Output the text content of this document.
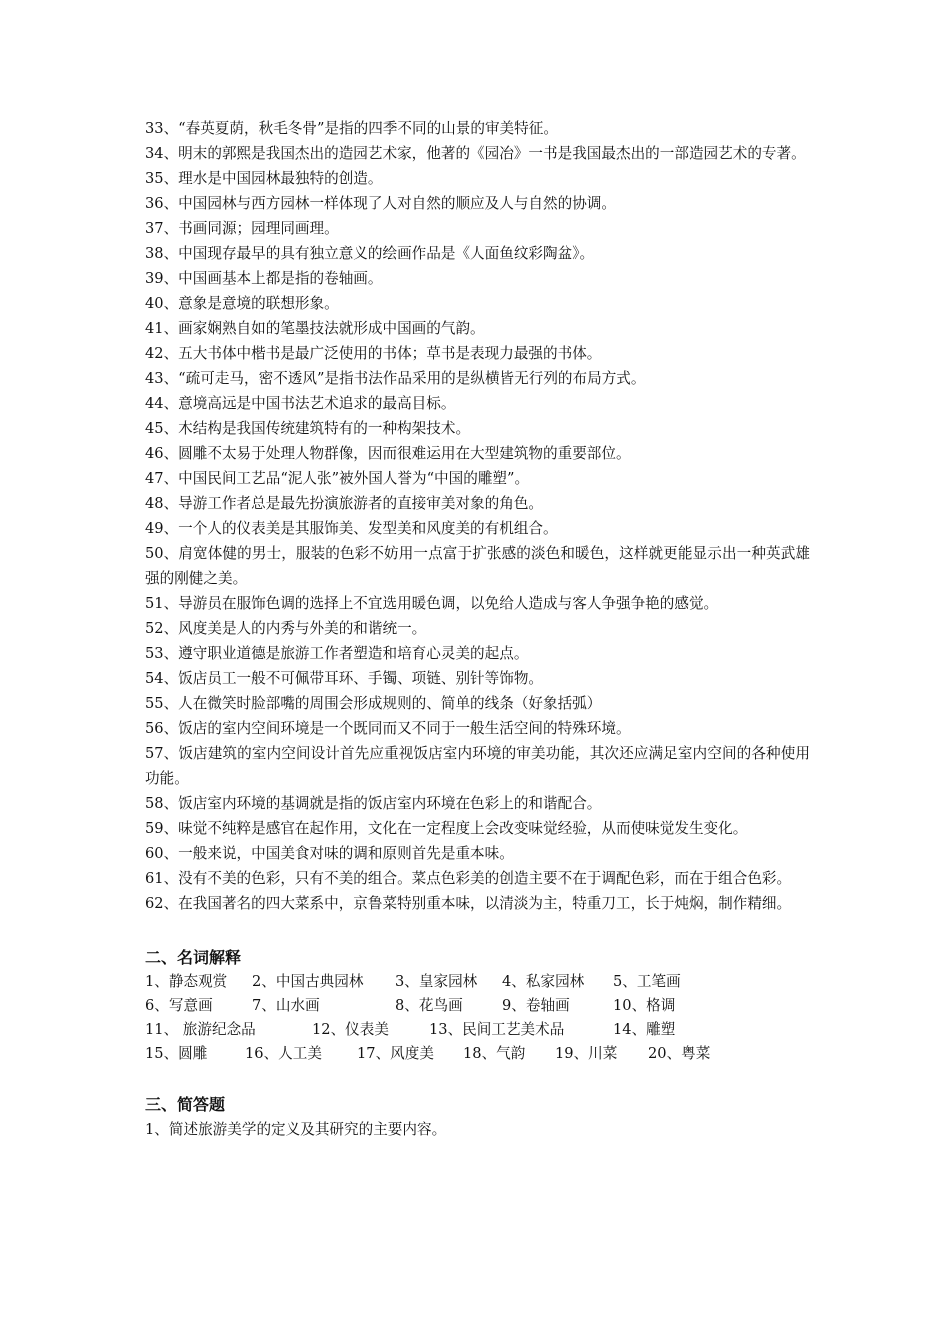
33、“春英夏荫，秋毛冬骨”是指的四季不同的山景的审美特征。

34、明末的郭熙是我国杰出的造园艺术家，他著的《园冶》一书是我国最杰出的一部造园艺术的专著。

35、理水是中国园林最独特的创造。

36、中国园林与西方园林一样体现了人对自然的顺应及人与自然的协调。

37、书画同源；园理同画理。

38、中国现存最早的具有独立意义的绘画作品是《人面鱼纹彩陶盆》。

39、中国画基本上都是指的卷轴画。

40、意象是意境的联想形象。

41、画家娴熟自如的笔墨技法就形成中国画的气韵。

42、五大书体中楷书是最广泛使用的书体；草书是表现力最强的书体。

43、“疏可走马，密不透风”是指书法作品采用的是纵横皆无行列的布局方式。

44、意境高远是中国书法艺术追求的最高目标。

45、木结构是我国传统建筑特有的一种构架技术。

46、圆雕不太易于处理人物群像，因而很难运用在大型建筑物的重要部位。

47、中国民间工艺品“泥人张”被外国人誉为“中国的雕塑”。

48、导游工作者总是最先扮演旅游者的直接审美对象的角色。

49、一个人的仪表美是其服饰美、发型美和风度美的有机组合。

50、肩宽体健的男士，服装的色彩不妨用一点富于扩张感的淡色和暖色，这样就更能显示出一种英武雄强的刚健之美。

51、导游员在服饰色调的选择上不宜选用暖色调，以免给人造成与客人争强争艳的感觉。

52、风度美是人的内秀与外美的和谐统一。

53、遵守职业道德是旅游工作者塑造和培育心灵美的起点。

54、饭店员工一般不可佩带耳环、手镯、项链、别针等饰物。

55、人在微笑时脸部嘴的周围会形成规则的、简单的线条（好象括弧）

56、饭店的室内空间环境是一个既同而又不同于一般生活空间的特殊环境。

57、饭店建筑的室内空间设计首先应重视饭店室内环境的审美功能，其次还应满足室内空间的各种使用功能。

58、饭店室内环境的基调就是指的饭店室内环境在色彩上的和谐配合。

59、味觉不纯粹是感官在起作用，文化在一定程度上会改变味觉经验，从而使味觉发生变化。

60、一般来说，中国美食对味的调和原则首先是重本味。

61、没有不美的色彩，只有不美的组合。菜点色彩美的创造主要不在于调配色彩，而在于组合色彩。

62、在我国著名的四大菜系中，京鲁菜特别重本味，以清淡为主，特重刀工，长于炖焖，制作精细。

二、名词解释
1、静态观赏 2、中国古典园林 3、皇家园林 4、私家园林 5、工笔画
6、写意画	7、山水画	8、花鸟画	9、卷轴画	10、格调
11、 旅游纪念品	12、仪表美	13、民间工艺美术品	14、雕塑
15、圆雕	16、人工美 17、风度美 18、气韵 19、川菜 20、粤菜
三、简答题

1、简述旅游美学的定义及其研究的主要内容。
